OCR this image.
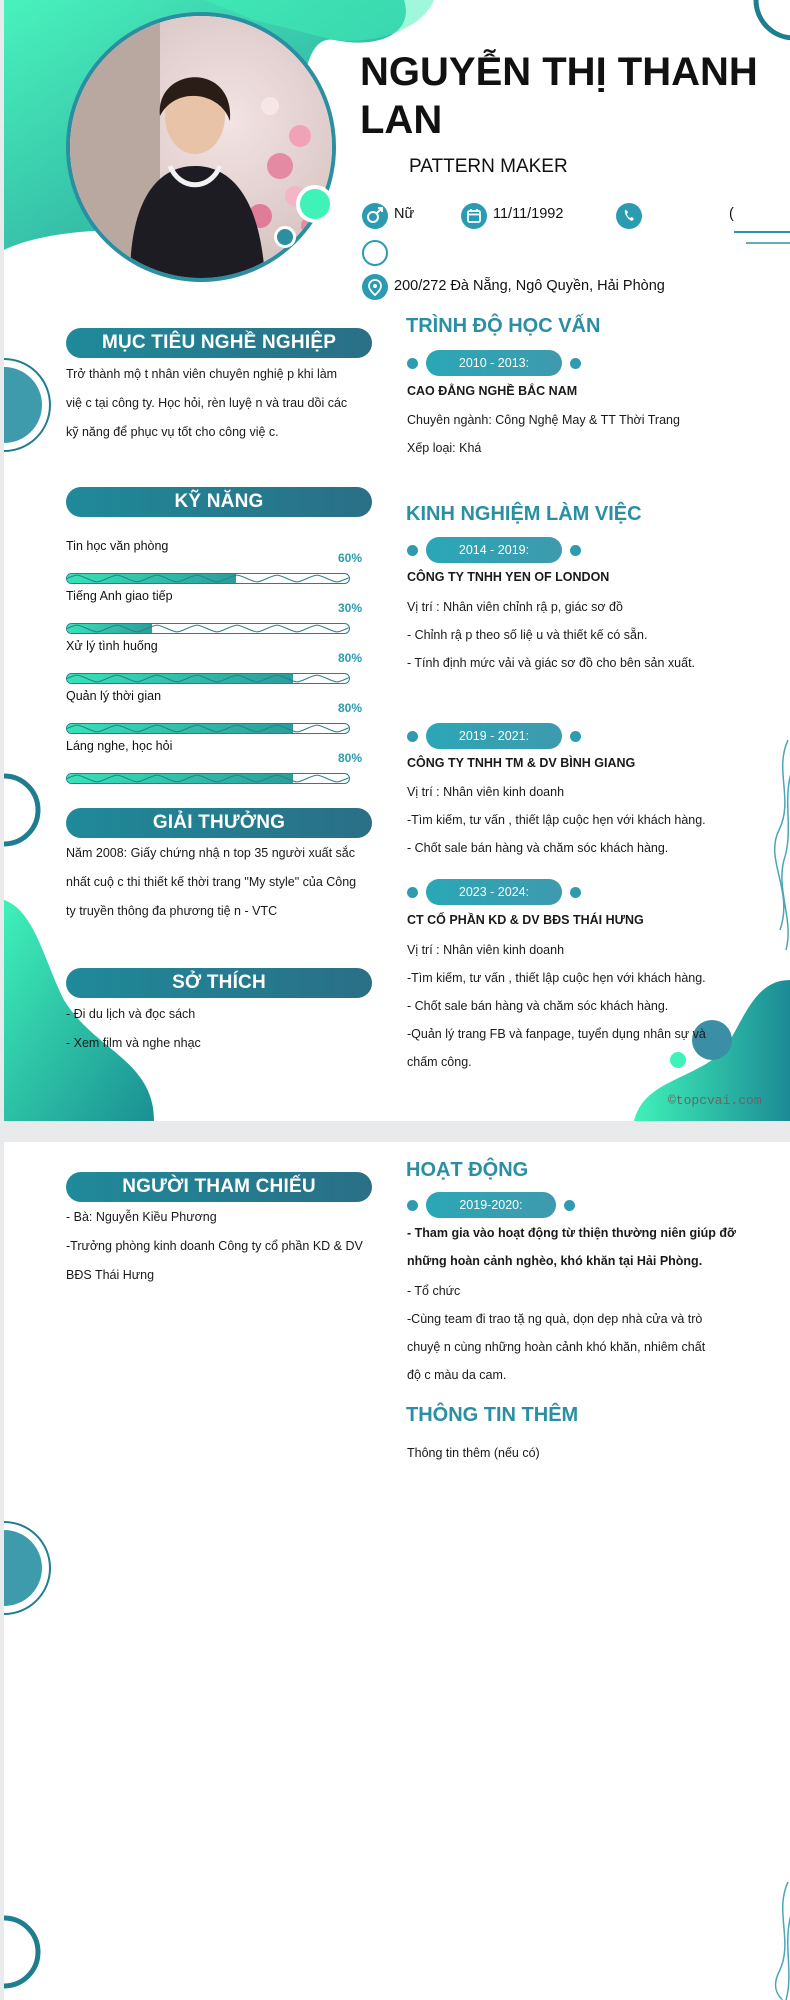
NGUYỄN THỊ THANH
LAN
PATTERN MAKER
Nữ	11/11/1992	(
200/272 Đà Nẵng, Ngô Quyền, Hải Phòng
MỤC TIÊU NGHỀ NGHIỆP
Trở thành mộ t nhân viên chuyên nghiệ p khi làm
việ c tại công ty. Học hỏi, rèn luyệ n và trau dồi các
kỹ năng để phục vụ tốt cho công việ c.
KỸ NĂNG
GIẢI THƯỞNG
Năm 2008: Giấy chứng nhậ n top 35 người xuất sắc
nhất cuộ c thi thiết kế thời trang "My style" của Công
ty truyền thông đa phương tiệ n - VTC
SỞ THÍCH
- Đi du lịch và đọc sách
- Xem film và nghe nhạc
TRÌNH ĐỘ HỌC VẤN
2010 - 2013:
CAO ĐẲNG NGHỀ BẮC NAM
Chuyên ngành: Công Nghệ May & TT Thời Trang
Xếp loại: Khá
KINH NGHIỆM LÀM VIỆC
2014 - 2019:
CÔNG TY TNHH YEN OF LONDON
Vị trí : Nhân viên chỉnh rậ p, giác sơ đồ
- Chỉnh rậ p theo số liệ u và thiết kế có sẵn.
- Tính định mức vải và giác sơ đồ cho bên sản xuất.
2019 - 2021:
CÔNG TY TNHH TM & DV BÌNH GIANG
Vị trí : Nhân viên kinh doanh
-Tìm kiếm, tư vấn , thiết lập cuộc hẹn với khách hàng.
- Chốt sale bán hàng và chăm sóc khách hàng.
2023 - 2024:
CT CỔ PHẦN KD & DV BĐS THÁI HƯNG
Vị trí : Nhân viên kinh doanh
-Tìm kiếm, tư vấn , thiết lập cuộc hẹn với khách hàng.
- Chốt sale bán hàng và chăm sóc khách hàng.
-Quản lý trang FB và fanpage, tuyển dụng nhân sự và
chấm công.
©topcvai.com
Tin học văn phòng
60%
Tiếng Anh giao tiếp
30%
Xử lý tình huống
80%
Quản lý thời gian
80%
Láng nghe, học hỏi
80%
NGƯỜI THAM CHIẾU
- Bà: Nguyễn Kiều Phương
-Trưởng phòng kinh doanh Công ty cổ phần KD & DV
BĐS Thái Hưng
HOẠT ĐỘNG
2019-2020:
- Tham gia vào hoạt động từ thiện thường niên giúp đỡ
những hoàn cảnh nghèo, khó khăn tại Hải Phòng.
- Tổ chức
-Cùng team đi trao tặ ng quà, dọn dẹp nhà cửa và trò
chuyệ n cùng những hoàn cảnh khó khăn, nhiêm chất
độ c màu da cam.
THÔNG TIN THÊM
Thông tin thêm (nếu có)
